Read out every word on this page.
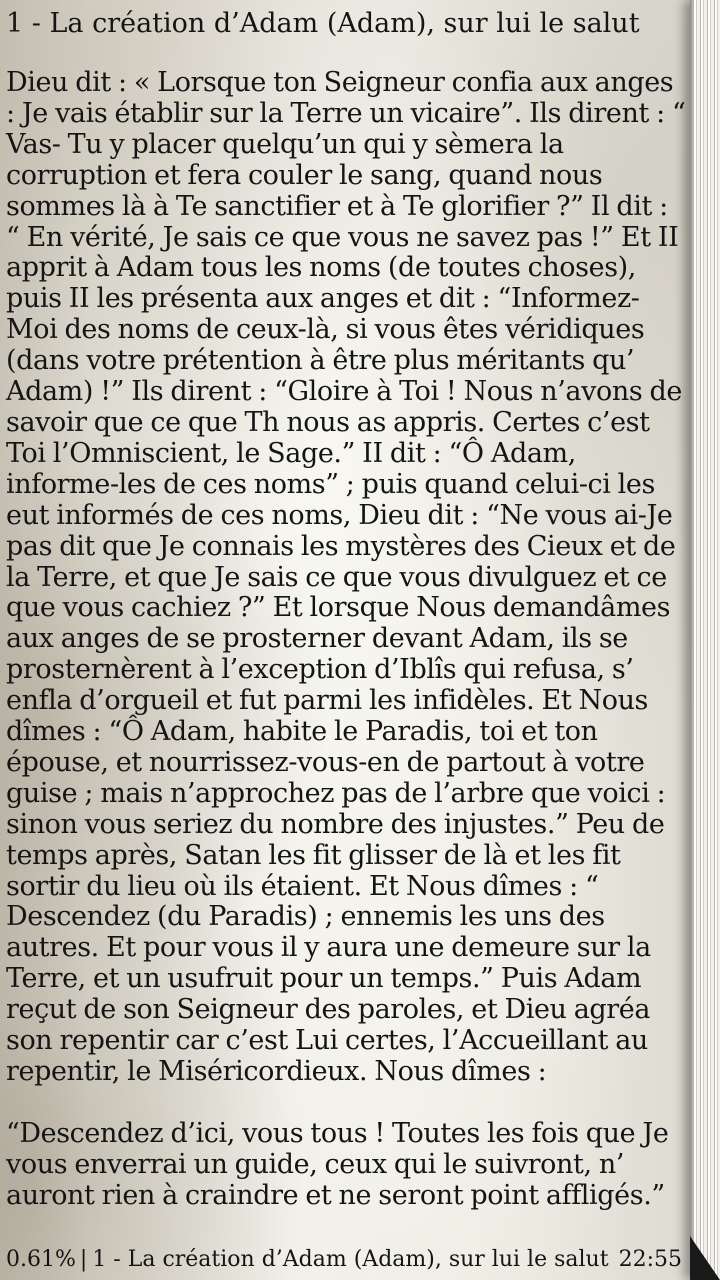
1 - La création d’Adam (Adam), sur lui le salut

Dieu dit : « Lorsque ton Seigneur confia aux anges : Je vais établir sur la Terre un vicaire”. Ils dirent : “ Vas- Tu y placer quelqu’un qui y sèmera la corruption et fera couler le sang, quand nous sommes là à Te sanctifier et à Te glorifier ?” Il dit : “ En vérité, Je sais ce que vous ne savez pas !” Et II apprit à Adam tous les noms (de toutes choses), puis II les présenta aux anges et dit : “Informez-Moi des noms de ceux-là, si vous êtes véridiques (dans votre prétention à être plus méritants qu’ Adam) !” Ils dirent : “Gloire à Toi ! Nous n’avons de savoir que ce que Th nous as appris. Certes c’est Toi l’Omniscient, le Sage.” II dit : “Ô Adam, informe-les de ces noms” ; puis quand celui-ci les eut informés de ces noms, Dieu dit : “Ne vous ai-Je pas dit que Je connais les mystères des Cieux et de la Terre, et que Je sais ce que vous divulguez et ce que vous cachiez ?” Et lorsque Nous demandâmes aux anges de se prosterner devant Adam, ils se prosternèrent à l’exception d’Iblîs qui refusa, s’ enfla d’orgueil et fut parmi les infidèles. Et Nous dîmes : “Ô Adam, habite le Paradis, toi et ton épouse, et nourrissez-vous-en de partout à votre guise ; mais n’approchez pas de l’arbre que voici : sinon vous seriez du nombre des injustes.” Peu de temps après, Satan les fit glisser de là et les fit sortir du lieu où ils étaient. Et Nous dîmes : “ Descendez (du Paradis) ; ennemis les uns des autres. Et pour vous il y aura une demeure sur la Terre, et un usufruit pour un temps.” Puis Adam reçut de son Seigneur des paroles, et Dieu agréa son repentir car c’est Lui certes, l’Accueillant au repentir, le Miséricordieux. Nous dîmes :

“Descendez d’ici, vous tous ! Toutes les fois que Je vous enverrai un guide, ceux qui le suivront, n’ auront rien à craindre et ne seront point affligés.”

0.61% | 1 - La création d’Adam (Adam), sur lui le salut 22:55
